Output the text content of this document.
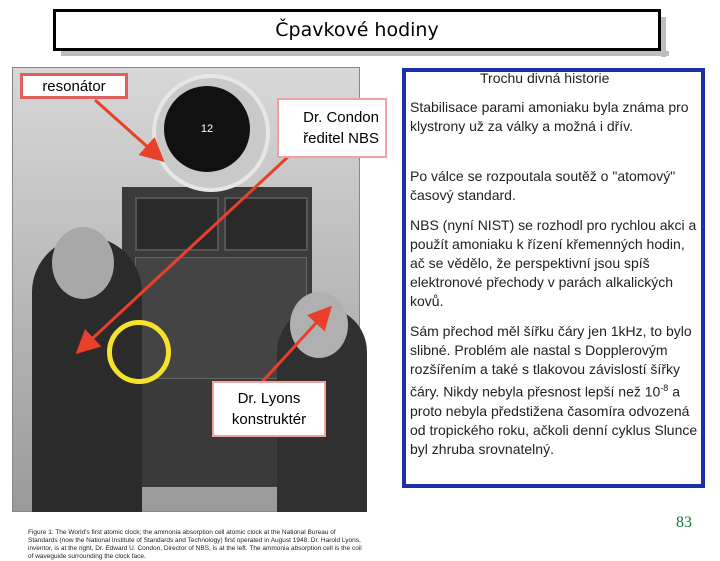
Čpavkové hodiny
12
Figure 1: The World's first atomic clock; the ammonia absorption cell atomic clock at the National Bureau of Standards (now the National Institute of Standards and Technology) first operated in August 1948. Dr. Harold Lyons, inventor, is at the right, Dr. Edward U. Condon, Director of NBS, is at the left. The ammonia absorption cell is the coil of waveguide surrounding the clock face.
resonátor
Dr. Condon
ředitel NBS
Dr. Lyons
konstruktér
Trochu divná historie
Stabilisace parami amoniaku byla známa pro klystrony už za války a možná i dřív.
Po válce se rozpoutala soutěž o "atomový" časový standard.
NBS (nyní NIST) se rozhodl pro rychlou akci a použít amoniaku k řízení křemenných hodin, ač se vědělo, že perspektivní jsou spíš elektronové přechody v parách alkalických kovů.
Sám přechod měl šířku čáry jen 1kHz, to bylo slibné. Problém ale nastal s Dopplerovým rozšířením a také s tlakovou závislostí šířky čáry. Nikdy nebyla přesnost lepší než $10^{-8}$ a proto nebyla předstižena časomíra odvozená od tropického roku, ačkoli denní cyklus Slunce byl zhruba srovnatelný.
83
